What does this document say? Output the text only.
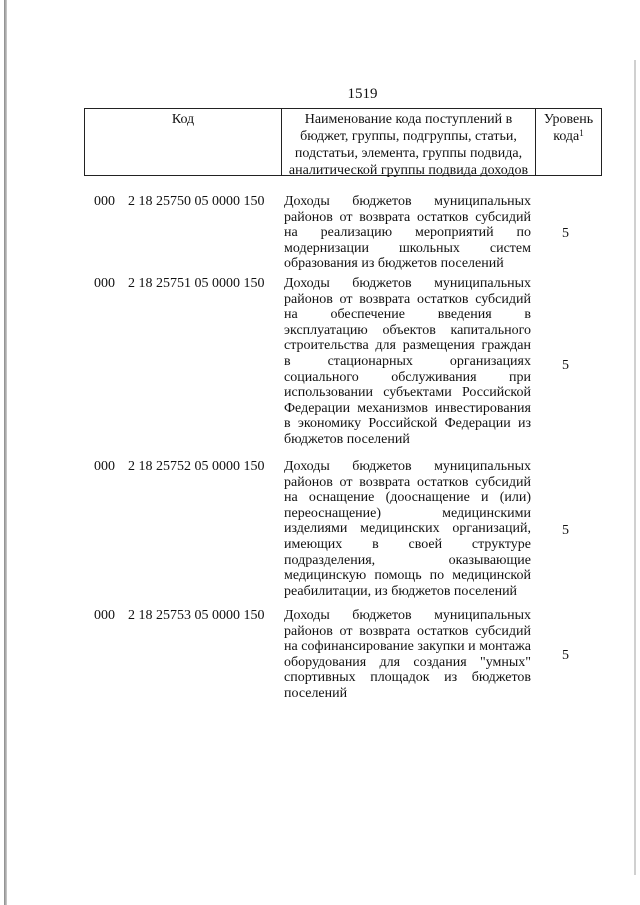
1519
Код	Наименование кода поступлений в
бюджет, группы, подгруппы, статьи,
подстатьи, элемента, группы подвида,
аналитической группы подвида доходов
Уровень
кода$^1$
000 2 18 25750 05 0000 150 Доходы бюджетов муниципальных
районов от возврата остатков субсидий
на реализацию мероприятий по
модернизации школьных систем
образования из бюджетов поселений
5
000 2 18 25751 05 0000 150 Доходы бюджетов муниципальных
районов от возврата остатков субсидий
на обеспечение введения в
эксплуатацию объектов капитального
строительства для размещения граждан
в стационарных организациях
социального обслуживания при
использовании субъектами Российской
Федерации механизмов инвестирования
в экономику Российской Федерации из
бюджетов поселений
5
000 2 18 25752 05 0000 150 Доходы бюджетов муниципальных
районов от возврата остатков субсидий
на оснащение (дооснащение и (или)
переоснащение) медицинскими
изделиями медицинских организаций,
имеющих в своей структуре
подразделения, оказывающие
медицинскую помощь по медицинской
реабилитации, из бюджетов поселений
5
000 2 18 25753 05 0000 150 Доходы бюджетов муниципальных
районов от возврата остатков субсидий
на софинансирование закупки и монтажа
оборудования для создания "умных"
спортивных площадок из бюджетов
поселений
5
